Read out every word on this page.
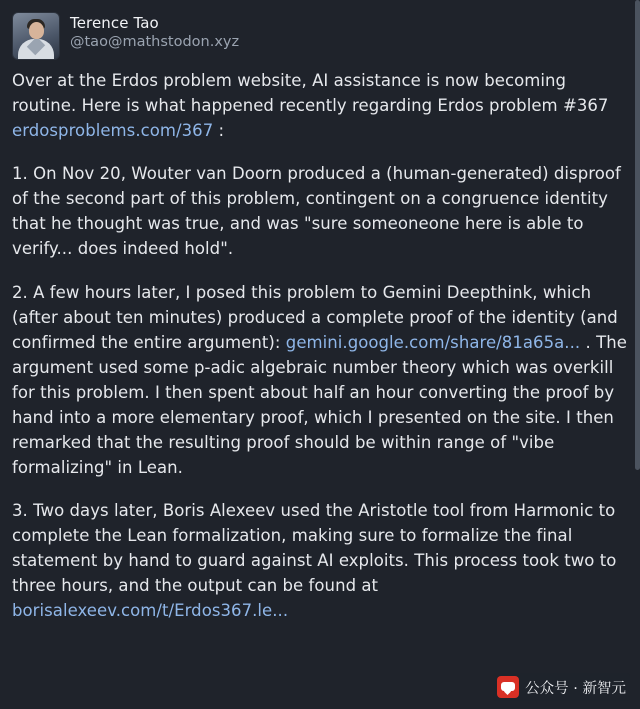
Terence Tao
@tao@mathstodon.xyz

Over at the Erdos problem website, AI assistance is now becoming routine. Here is what happened recently regarding Erdos problem #367 erdosproblems.com/367 :

1. On Nov 20, Wouter van Doorn produced a (human-generated) disproof of the second part of this problem, contingent on a congruence identity that he thought was true, and was "sure someoneone here is able to verify... does indeed hold".

2. A few hours later, I posed this problem to Gemini Deepthink, which (after about ten minutes) produced a complete proof of the identity (and confirmed the entire argument): gemini.google.com/share/81a65a... . The argument used some p-adic algebraic number theory which was overkill for this problem. I then spent about half an hour converting the proof by hand into a more elementary proof, which I presented on the site. I then remarked that the resulting proof should be within range of "vibe formalizing" in Lean.

3. Two days later, Boris Alexeev used the Aristotle tool from Harmonic to complete the Lean formalization, making sure to formalize the final statement by hand to guard against AI exploits. This process took two to three hours, and the output can be found at borisalexeev.com/t/Erdos367.le...

公众号 · 新智元
